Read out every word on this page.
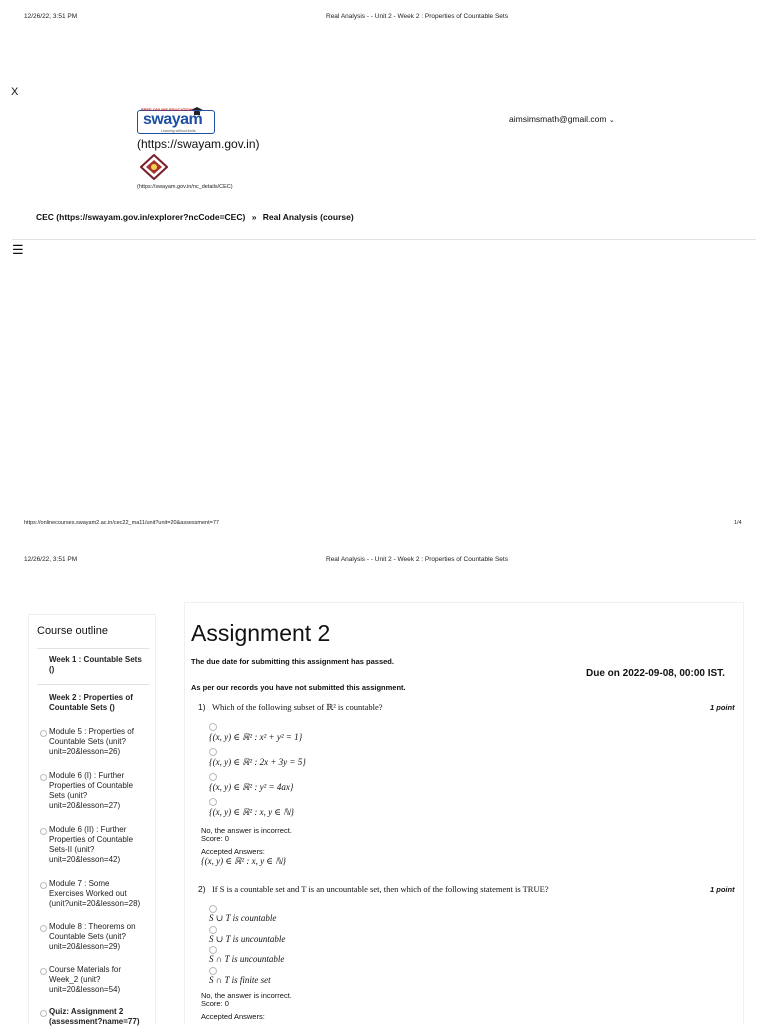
12/26/22, 3:51 PM	Real Analysis - - Unit 2 - Week 2 : Properties of Countable Sets
X
FREE ONLINE EDUCATION
swayam
Learning without limits
(https://swayam.gov.in)
(https://swayam.gov.in/nc_details/CEC)
aimsimsmath@gmail.com ⌄
CEC (https://swayam.gov.in/explorer?ncCode=CEC) » Real Analysis (course)
☰
https://onlinecourses.swayam2.ac.in/cec22_ma11/unit?unit=20&assessment=77	1/4
12/26/22, 3:51 PM	Real Analysis - - Unit 2 - Week 2 : Properties of Countable Sets
Course outline
Week 1 : Countable Sets ()
Week 2 : Properties of Countable Sets ()
Module 5 : Properties of Countable Sets (unit?unit=20&lesson=26)
Module 6 (I) : Further Properties of Countable Sets (unit?unit=20&lesson=27)
Module 6 (II) : Further Properties of Countable Sets-II (unit?unit=20&lesson=42)
Module 7 : Some Exercises Worked out (unit?unit=20&lesson=28)
Module 8 : Theorems on Countable Sets (unit?unit=20&lesson=29)
Course Materials for Week_2 (unit?unit=20&lesson=54)
Quiz: Assignment 2 (assessment?name=77)
Assignment 2
The due date for submitting this assignment has passed.
Due on 2022-09-08, 00:00 IST.
As per our records you have not submitted this assignment.
1) Which of the following subset of ℝ² is countable?	1 point
{(x, y) ∈ ℝ² : x² + y² = 1}
{(x, y) ∈ ℝ² : 2x + 3y = 5}
{(x, y) ∈ ℝ² : y² = 4ax}
{(x, y) ∈ ℝ² : x, y ∈ ℕ}
No, the answer is incorrect.
Score: 0
Accepted Answers:
{(x, y) ∈ ℝ² : x, y ∈ ℕ}
2) If S is a countable set and T is an uncountable set, then which of the following statement is TRUE?	1 point
S ∪ T is countable
S ∪ T is uncountable
S ∩ T is uncountable
S ∩ T is finite set
No, the answer is incorrect.
Score: 0
Accepted Answers:
